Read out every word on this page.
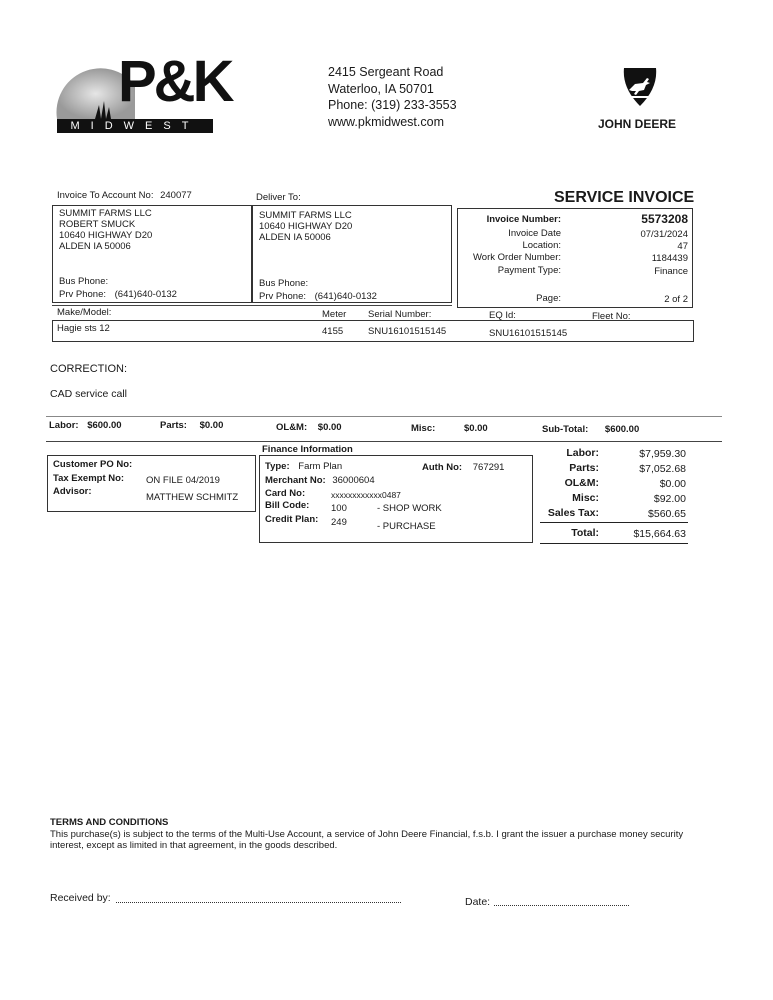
P&K
MIDWEST
2415 Sergeant Road
Waterloo, IA 50701
Phone: (319) 233-3553
www.pkmidwest.com	JOHN DEERE
Invoice To Account No: 240077	Deliver To:	SERVICE INVOICE
SUMMIT FARMS LLC
ROBERT SMUCK
10640 HIGHWAY D20
ALDEN IA 50006
Bus Phone:
Prv Phone: (641)640-0132
SUMMIT FARMS LLC
10640 HIGHWAY D20
ALDEN IA 50006
Bus Phone:
Prv Phone: (641)640-0132
Invoice Number:	5573208
Invoice Date	07/31/2024
Location:	47
Work Order Number:	1184439
Payment Type:	Finance
Page:	2 of 2
Make/Model:	Meter Serial Number:	EQ Id:	Fleet No:
Hagie sts 12	4155	SNU16101515145	SNU16101515145
CORRECTION:
CAD service call
Labor: $600.00	Parts: $0.00	OL&M: $0.00	Misc:	$0.00	Sub-Total: $600.00
Customer PO No:
Tax Exempt No: ON FILE 04/2019
Advisor:
MATTHEW SCHMITZ
Finance Information
Type: Farm Plan	Auth No: 767291
Merchant No: 36000604
Card No:	xxxxxxxxxxxx0487
Bill Code: 100	- SHOP WORK
Credit Plan: 249	- PURCHASE
Labor:	$7,959.30
Parts:	$7,052.68
OL&M:	$0.00
Misc:	$92.00
Sales Tax:	$560.65
Total:	$15,664.63
TERMS AND CONDITIONS
This purchase(s) is subject to the terms of the Multi-Use Account, a service of John Deere Financial, f.s.b. I grant the issuer a purchase money security interest, except as limited in that agreement, in the goods described.
Received by:	Date:
